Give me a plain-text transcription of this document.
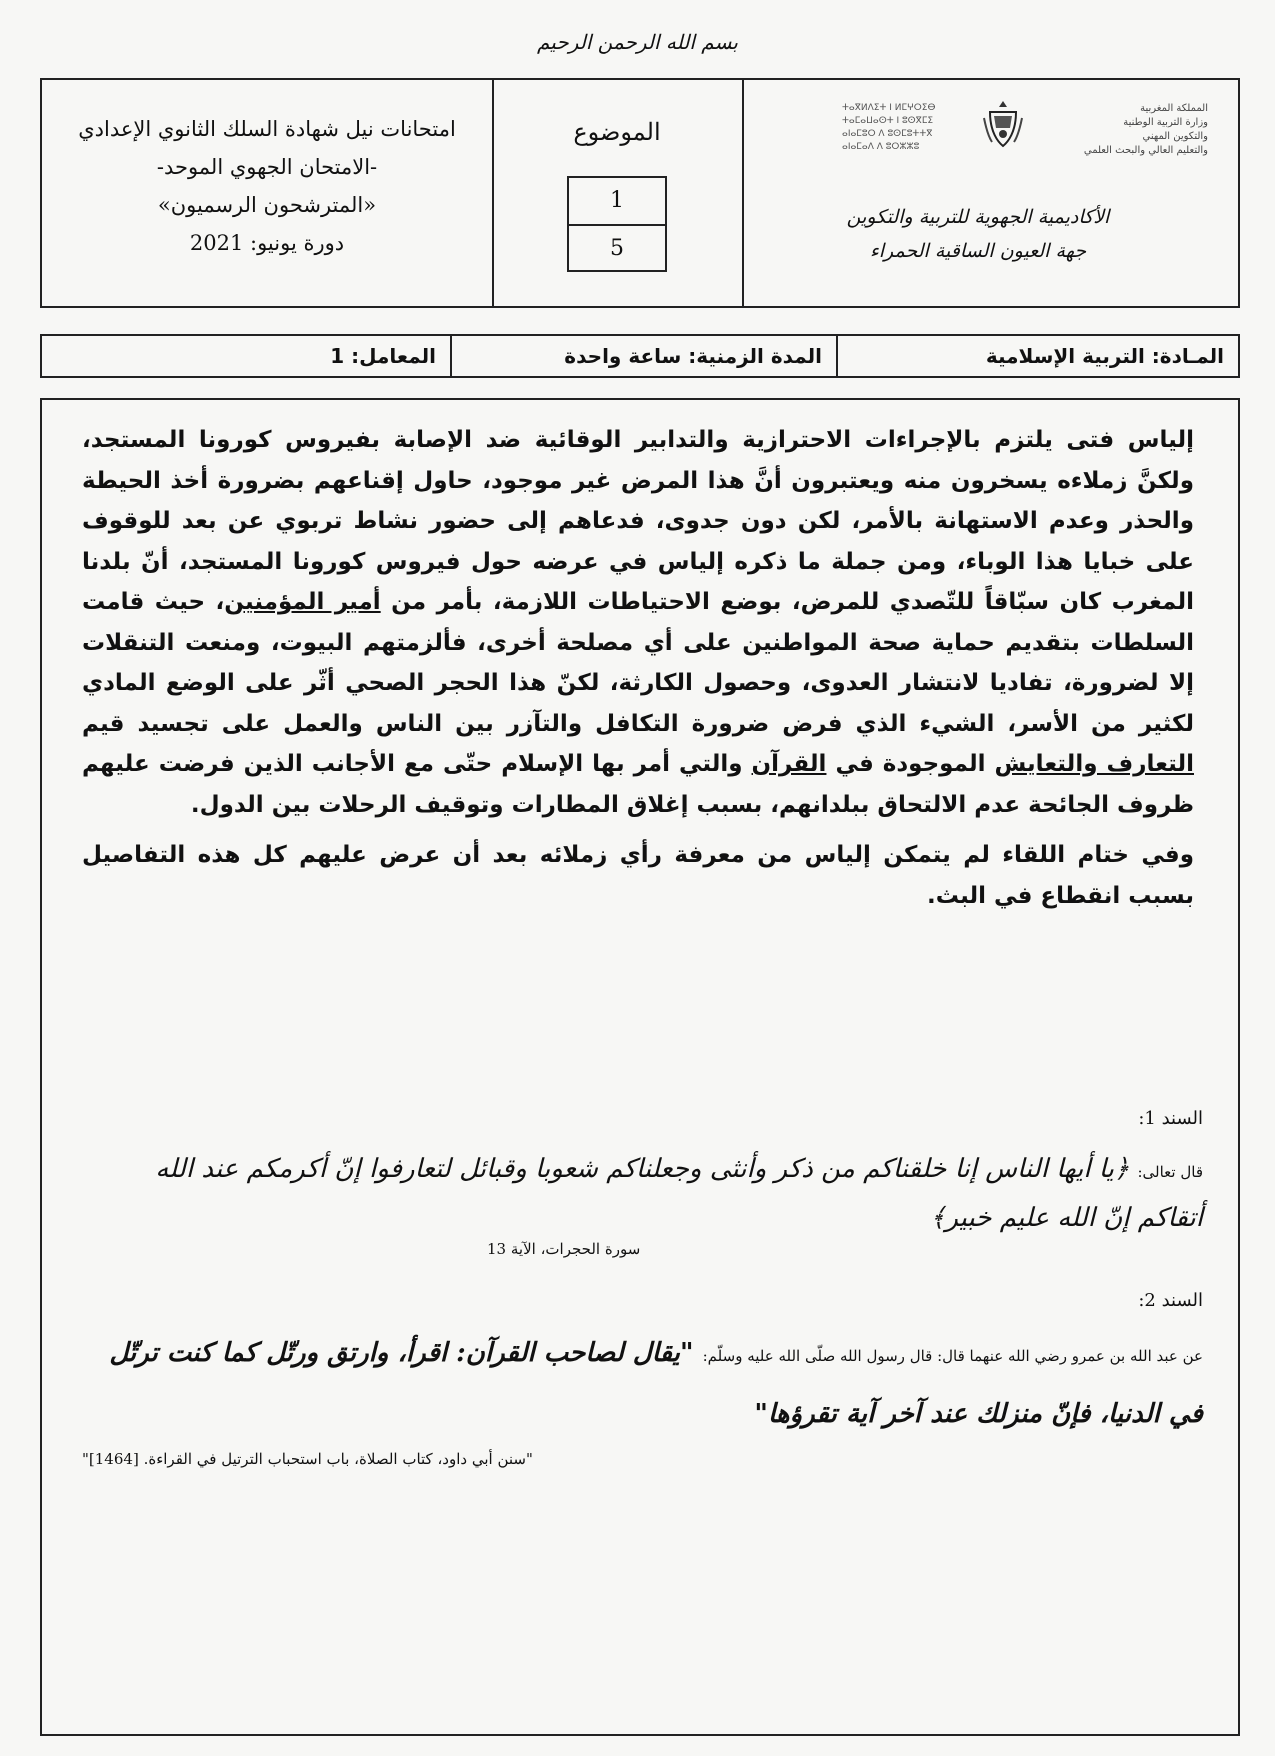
بسم الله الرحمن الرحيم
امتحانات نيل شهادة السلك الثانوي الإعدادي
-الامتحان الجهوي الموحد-
«المترشحون الرسميون»
دورة يونيو: 2021
الموضوع
1
5
ⵜⴰⴳⵍⴷⵉⵜ ⵏ ⵍⵎⵖⵔⵉⴱ
ⵜⴰⵎⴰⵡⴰⵙⵜ ⵏ ⵓⵙⴳⵎⵉ
ⴰⵏⴰⵎⵓⵔ ⴷ ⵓⵙⵎⵓⵜⵜⴳ
ⴰⵏⴰⵎⴰⴷ ⴷ ⵓⵔⵣⵣⵓ
المملكة المغربية
وزارة التربية الوطنية
والتكوين المهني
والتعليم العالي والبحث العلمي
الأكاديمية الجهوية للتربية والتكوين
جهة العيون الساقية الحمراء
المـادة: التربية الإسلامية
المدة الزمنية: ساعة واحدة
المعامل: 1

إلياس فتى يلتزم بالإجراءات الاحترازية والتدابير الوقائية ضد الإصابة بفيروس كورونا المستجد، ولكنَّ زملاءه يسخرون منه ويعتبرون أنَّ هذا المرض غير موجود، حاول إقناعهم بضرورة أخذ الحيطة والحذر وعدم الاستهانة بالأمر، لكن دون جدوى، فدعاهم إلى حضور نشاط تربوي عن بعد للوقوف على خبايا هذا الوباء، ومن جملة ما ذكره إلياس في عرضه حول فيروس كورونا المستجد، أنّ بلدنا المغرب كان سبّاقاً للتّصدي للمرض، بوضع الاحتياطات اللازمة، بأمر من أمير المؤمنين، حيث قامت السلطات بتقديم حماية صحة المواطنين على أي مصلحة أخرى، فألزمتهم البيوت، ومنعت التنقلات إلا لضرورة، تفاديا لانتشار العدوى، وحصول الكارثة، لكنّ هذا الحجر الصحي أثّر على الوضع المادي لكثير من الأسر، الشيء الذي فرض ضرورة التكافل والتآزر بين الناس والعمل على تجسيد قيم التعارف والتعايش الموجودة في القرآن والتي أمر بها الإسلام حتّى مع الأجانب الذين فرضت عليهم ظروف الجائحة عدم الالتحاق ببلدانهم، بسبب إغلاق المطارات وتوقيف الرحلات بين الدول.

وفي ختام اللقاء لم يتمكن إلياس من معرفة رأي زملائه بعد أن عرض عليهم كل هذه التفاصيل بسبب انقطاع في البث.

السند 1:
قال تعالى: ﴿يا أيها الناس إنا خلقناكم من ذكر وأنثى وجعلناكم شعوبا وقبائل لتعارفوا إنّ أكرمكم عند الله أتقاكم إنّ الله عليم خبير﴾
سورة الحجرات، الآية 13
السند 2:
عن عبد الله بن عمرو رضي الله عنهما قال: قال رسول الله صلّى الله عليه وسلّم: "يقال لصاحب القرآن: اقرأ، وارتق ورتّل كما كنت ترتّل في الدنيا، فإنّ منزلك عند آخر آية تقرؤها"
"سنن أبي داود، كتاب الصلاة، باب استحباب الترتيل في القراءة. [1464]"
